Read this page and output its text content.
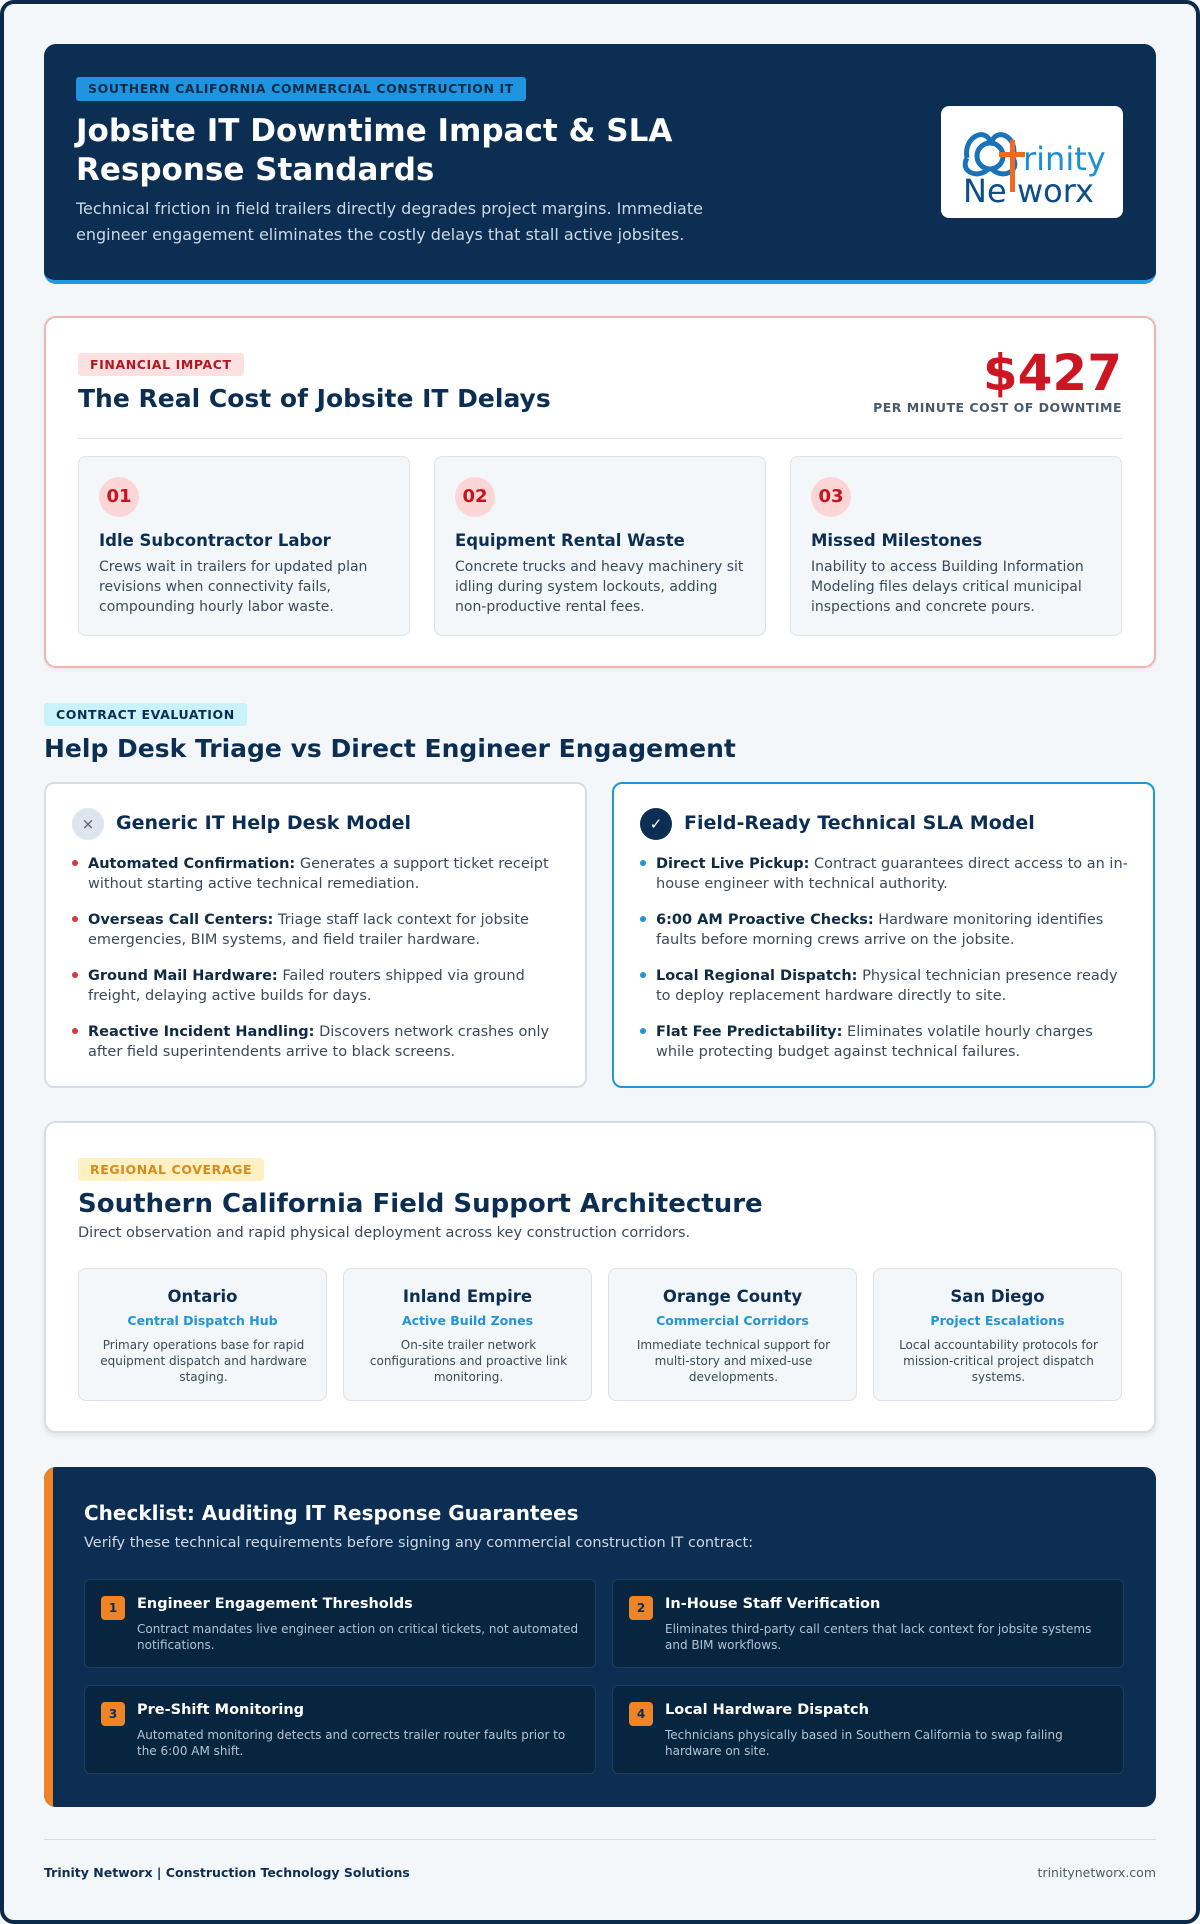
SOUTHERN CALIFORNIA COMMERCIAL CONSTRUCTION IT
Jobsite IT Downtime Impact & SLA Response Standards

Technical friction in field trailers directly degrades project margins. Immediate engineer engagement eliminates the costly delays that stall active jobsites.

rinity
Ne worx
FINANCIAL IMPACT
The Real Cost of Jobsite IT Delays	$427
PER MINUTE COST OF DOWNTIME
01
Idle Subcontractor Labor

Crews wait in trailers for updated plan revisions when connectivity fails, compounding hourly labor waste.

02
Equipment Rental Waste

Concrete trucks and heavy machinery sit idling during system lockouts, adding non-productive rental fees.

03
Missed Milestones

Inability to access Building Information Modeling files delays critical municipal inspections and concrete pours.

CONTRACT EVALUATION
Help Desk Triage vs Direct Engineer Engagement
×	Generic IT Help Desk Model
Automated Confirmation: Generates a support ticket receipt without starting active technical remediation.
Overseas Call Centers: Triage staff lack context for jobsite emergencies, BIM systems, and field trailer hardware.
Ground Mail Hardware: Failed routers shipped via ground freight, delaying active builds for days.
Reactive Incident Handling: Discovers network crashes only after field superintendents arrive to black screens.
✓	Field-Ready Technical SLA Model
Direct Live Pickup: Contract guarantees direct access to an in-house engineer with technical authority.
6:00 AM Proactive Checks: Hardware monitoring identifies faults before morning crews arrive on the jobsite.
Local Regional Dispatch: Physical technician presence ready to deploy replacement hardware directly to site.
Flat Fee Predictability: Eliminates volatile hourly charges while protecting budget against technical failures.
REGIONAL COVERAGE
Southern California Field Support Architecture
Direct observation and rapid physical deployment across key construction corridors.
Ontario
Central Dispatch Hub

Primary operations base for rapid equipment dispatch and hardware staging.

Inland Empire
Active Build Zones

On-site trailer network configurations and proactive link monitoring.

Orange County
Commercial Corridors

Immediate technical support for multi-story and mixed-use developments.

San Diego
Project Escalations

Local accountability protocols for mission-critical project dispatch systems.

Checklist: Auditing IT Response Guarantees
Verify these technical requirements before signing any commercial construction IT contract:
1	Engineer Engagement Thresholds

Contract mandates live engineer action on critical tickets, not automated notifications.

2	In-House Staff Verification

Eliminates third-party call centers that lack context for jobsite systems and BIM workflows.

3	Pre-Shift Monitoring

Automated monitoring detects and corrects trailer router faults prior to the 6:00 AM shift.

4	Local Hardware Dispatch

Technicians physically based in Southern California to swap failing hardware on site.

Trinity Networx | Construction Technology Solutions	trinitynetworx.com
